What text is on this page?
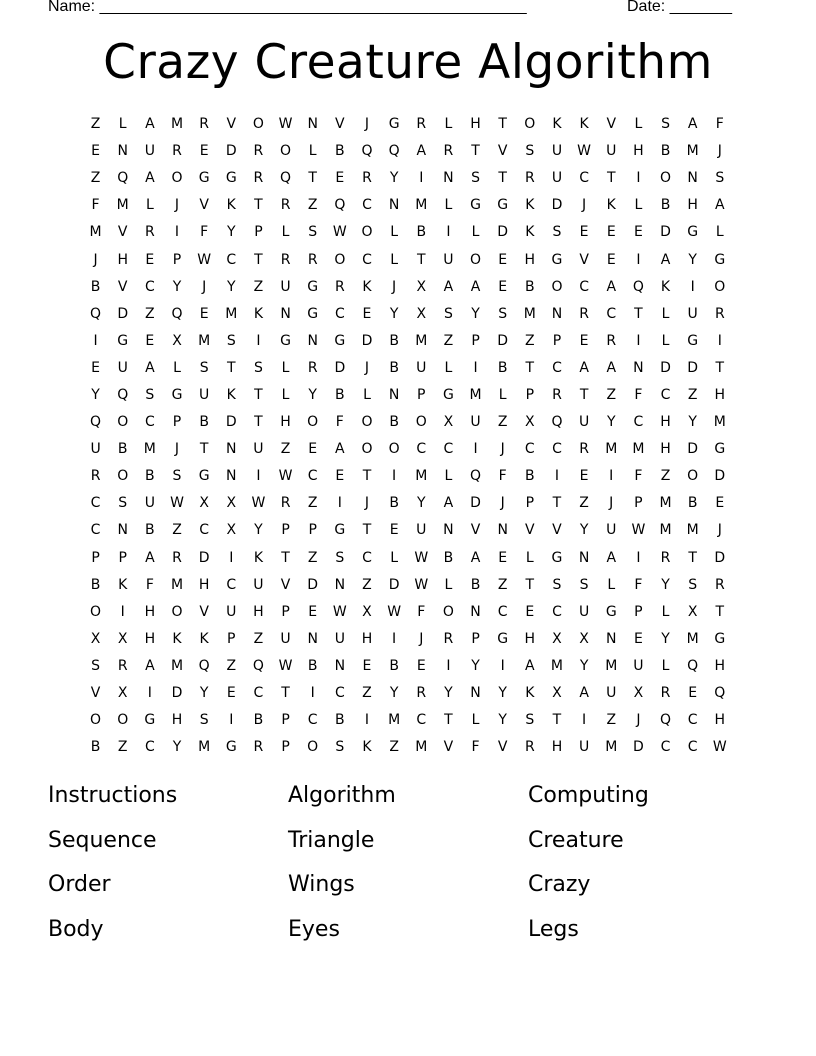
Name: ________________________________________________	Date: _______
Crazy Creature Algorithm
Z	L	A	M	R	V	O	W	N	V	J	G	R	L	H	T	O	K	K	V	L	S	A	F
E	N	U	R	E	D	R	O	L	B	Q	Q	A	R	T	V	S	U	W	U	H	B	M	J
Z	Q	A	O	G	G	R	Q	T	E	R	Y	I	N	S	T	R	U	C	T	I	O	N	S
F	M	L	J	V	K	T	R	Z	Q	C	N	M	L	G	G	K	D	J	K	L	B	H	A
M	V	R	I	F	Y	P	L	S	W	O	L	B	I	L	D	K	S	E	E	E	D	G	L
J	H	E	P	W	C	T	R	R	O	C	L	T	U	O	E	H	G	V	E	I	A	Y	G
B	V	C	Y	J	Y	Z	U	G	R	K	J	X	A	A	E	B	O	C	A	Q	K	I	O
Q	D	Z	Q	E	M	K	N	G	C	E	Y	X	S	Y	S	M	N	R	C	T	L	U	R
I	G	E	X	M	S	I	G	N	G	D	B	M	Z	P	D	Z	P	E	R	I	L	G	I
E	U	A	L	S	T	S	L	R	D	J	B	U	L	I	B	T	C	A	A	N	D	D	T
Y	Q	S	G	U	K	T	L	Y	B	L	N	P	G	M	L	P	R	T	Z	F	C	Z	H
Q	O	C	P	B	D	T	H	O	F	O	B	O	X	U	Z	X	Q	U	Y	C	H	Y	M
U	B	M	J	T	N	U	Z	E	A	O	O	C	C	I	J	C	C	R	M	M	H	D	G
R	O	B	S	G	N	I	W	C	E	T	I	M	L	Q	F	B	I	E	I	F	Z	O	D
C	S	U	W	X	X	W	R	Z	I	J	B	Y	A	D	J	P	T	Z	J	P	M	B	E
C	N	B	Z	C	X	Y	P	P	G	T	E	U	N	V	N	V	V	Y	U	W	M	M	J
P	P	A	R	D	I	K	T	Z	S	C	L	W	B	A	E	L	G	N	A	I	R	T	D
B	K	F	M	H	C	U	V	D	N	Z	D	W	L	B	Z	T	S	S	L	F	Y	S	R
O	I	H	O	V	U	H	P	E	W	X	W	F	O	N	C	E	C	U	G	P	L	X	T
X	X	H	K	K	P	Z	U	N	U	H	I	J	R	P	G	H	X	X	N	E	Y	M	G
S	R	A	M	Q	Z	Q	W	B	N	E	B	E	I	Y	I	A	M	Y	M	U	L	Q	H
V	X	I	D	Y	E	C	T	I	C	Z	Y	R	Y	N	Y	K	X	A	U	X	R	E	Q
O	O	G	H	S	I	B	P	C	B	I	M	C	T	L	Y	S	T	I	Z	J	Q	C	H
B	Z	C	Y	M	G	R	P	O	S	K	Z	M	V	F	V	R	H	U	M	D	C	C	W
Instructions	Algorithm	Computing
Sequence	Triangle	Creature
Order	Wings	Crazy
Body	Eyes	Legs
